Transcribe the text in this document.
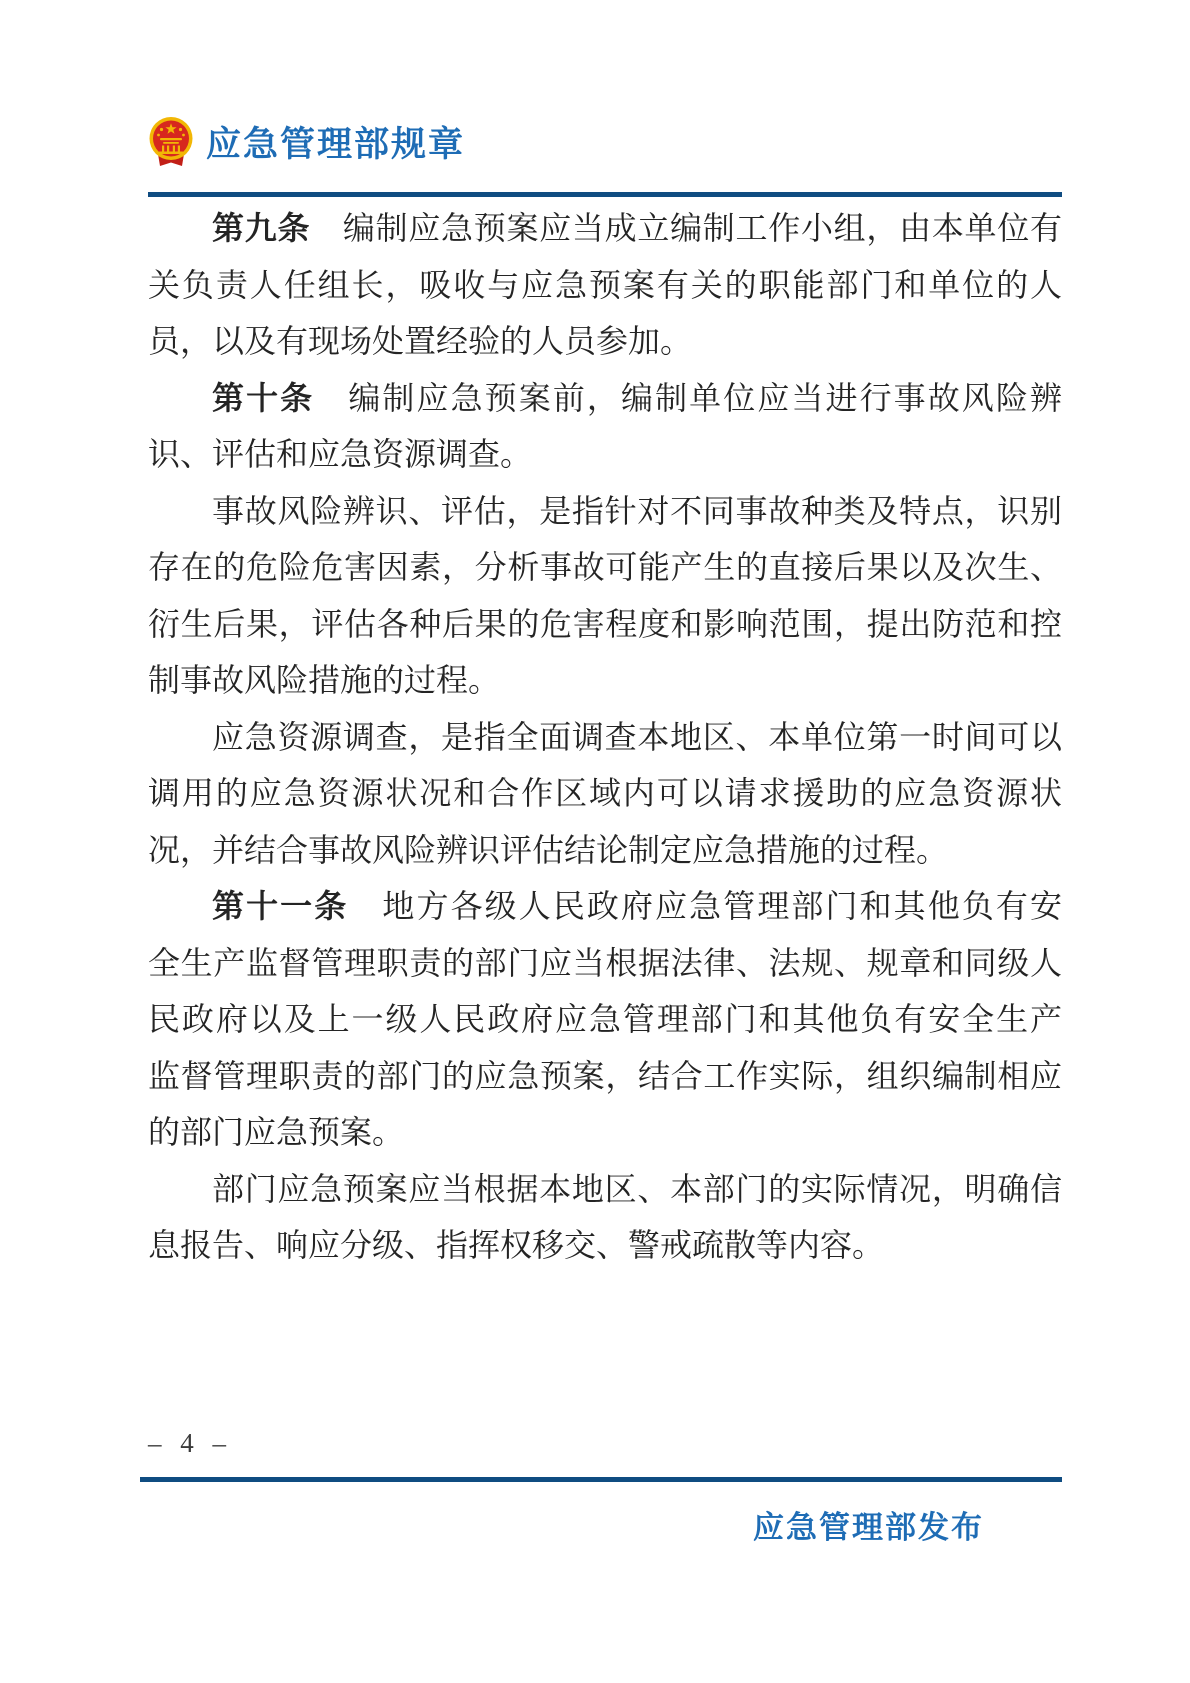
应急管理部规章
第九条　编制应急预案应当成立编制工作小组，由本单位有
关负责人任组长，吸收与应急预案有关的职能部门和单位的人
员，以及有现场处置经验的人员参加。
第十条　编制应急预案前，编制单位应当进行事故风险辨
识、评估和应急资源调查。
事故风险辨识、评估，是指针对不同事故种类及特点，识别
存在的危险危害因素，分析事故可能产生的直接后果以及次生、
衍生后果，评估各种后果的危害程度和影响范围，提出防范和控
制事故风险措施的过程。
应急资源调查，是指全面调查本地区、本单位第一时间可以
调用的应急资源状况和合作区域内可以请求援助的应急资源状
况，并结合事故风险辨识评估结论制定应急措施的过程。
第十一条　地方各级人民政府应急管理部门和其他负有安
全生产监督管理职责的部门应当根据法律、法规、规章和同级人
民政府以及上一级人民政府应急管理部门和其他负有安全生产
监督管理职责的部门的应急预案，结合工作实际，组织编制相应
的部门应急预案。
部门应急预案应当根据本地区、本部门的实际情况，明确信
息报告、响应分级、指挥权移交、警戒疏散等内容。
– 4 –
应急管理部发布
